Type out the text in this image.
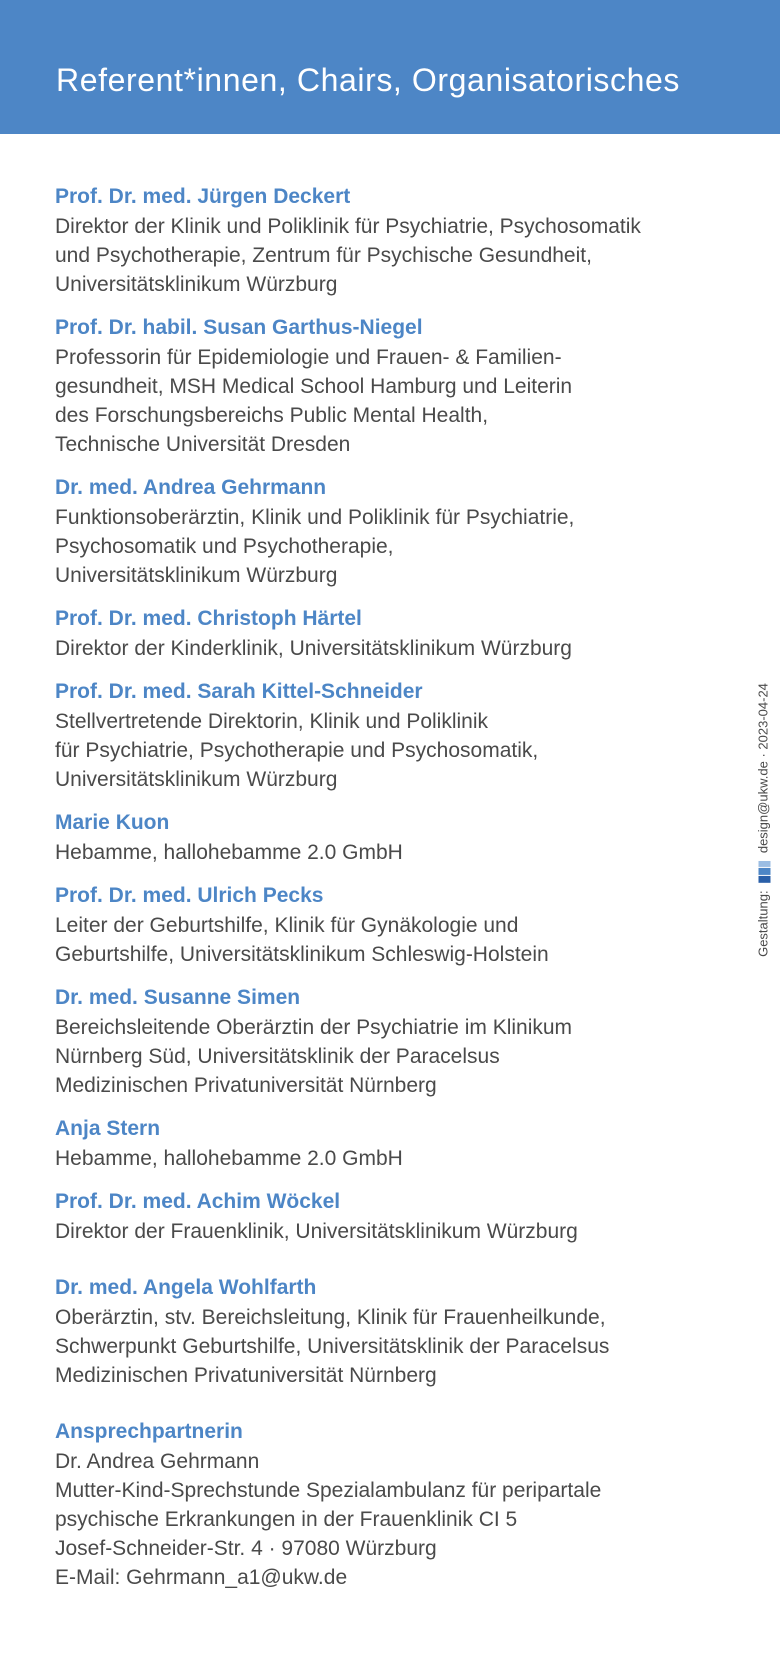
Referent*innen, Chairs, Organisatorisches
Prof. Dr. med. Jürgen Deckert
Direktor der Klinik und Poliklinik für Psychiatrie, Psychosomatik
und Psychotherapie, Zentrum für Psychische Gesundheit,
Universitätsklinikum Würzburg
Prof. Dr. habil. Susan Garthus-Niegel
Professorin für Epidemiologie und Frauen- & Familien-
gesundheit, MSH Medical School Hamburg und Leiterin
des Forschungsbereichs Public Mental Health,
Technische Universität Dresden
Dr. med. Andrea Gehrmann
Funktionsoberärztin, Klinik und Poliklinik für Psychiatrie,
Psychosomatik und Psychotherapie,
Universitätsklinikum Würzburg
Prof. Dr. med. Christoph Härtel
Direktor der Kinderklinik, Universitätsklinikum Würzburg
Prof. Dr. med. Sarah Kittel-Schneider
Stellvertretende Direktorin, Klinik und Poliklinik
für Psychiatrie, Psychotherapie und Psychosomatik,
Universitätsklinikum Würzburg
Marie Kuon
Hebamme, hallohebamme 2.0 GmbH
Prof. Dr. med. Ulrich Pecks
Leiter der Geburtshilfe, Klinik für Gynäkologie und
Geburtshilfe, Universitätsklinikum Schleswig-Holstein
Dr. med. Susanne Simen
Bereichsleitende Oberärztin der Psychiatrie im Klinikum
Nürnberg Süd, Universitätsklinik der Paracelsus
Medizinischen Privatuniversität Nürnberg
Anja Stern
Hebamme, hallohebamme 2.0 GmbH
Prof. Dr. med. Achim Wöckel
Direktor der Frauenklinik, Universitätsklinikum Würzburg
Dr. med. Angela Wohlfarth
Oberärztin, stv. Bereichsleitung, Klinik für Frauenheilkunde,
Schwerpunkt Geburtshilfe, Universitätsklinik der Paracelsus
Medizinischen Privatuniversität Nürnberg
Ansprechpartnerin
Dr. Andrea Gehrmann
Mutter-Kind-Sprechstunde Spezialambulanz für peripartale
psychische Erkrankungen in der Frauenklinik CI 5
Josef-Schneider-Str. 4 · 97080 Würzburg
E-Mail: Gehrmann_a1@ukw.de
Gestaltung:  design@ukw.de · 2023-04-24
